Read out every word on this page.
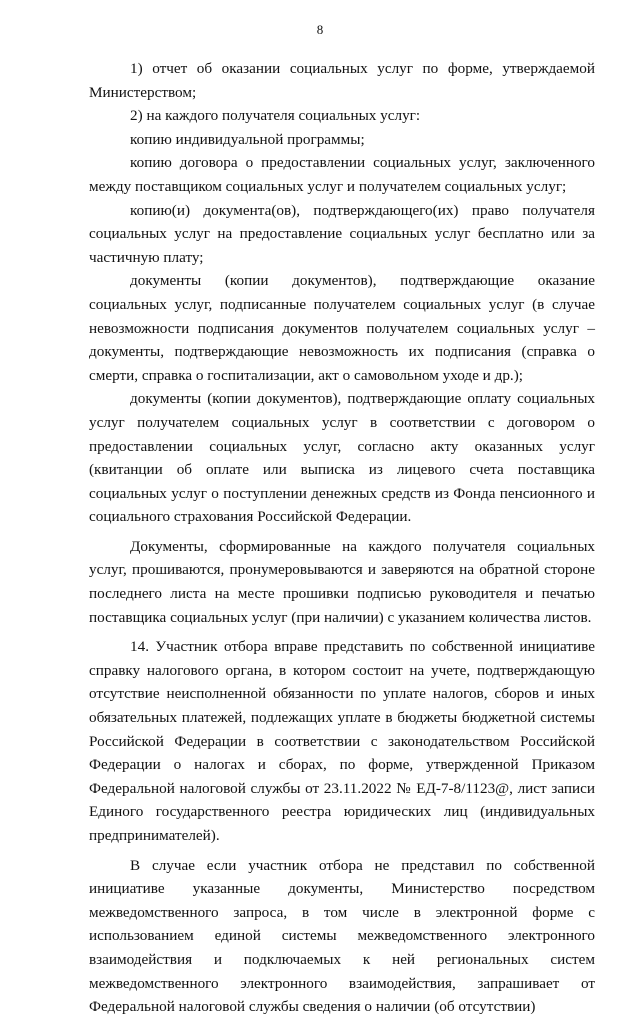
8

1) отчет об оказании социальных услуг по форме, утверждаемой Министерством;

2) на каждого получателя социальных услуг:

копию индивидуальной программы;

копию договора о предоставлении социальных услуг, заключенного между поставщиком социальных услуг и получателем социальных услуг;

копию(и) документа(ов), подтверждающего(их) право получателя социальных услуг на предоставление социальных услуг бесплатно или за частичную плату;

документы (копии документов), подтверждающие оказание социальных услуг, подписанные получателем социальных услуг (в случае невозможности подписания документов получателем социальных услуг – документы, подтверждающие невозможность их подписания (справка о смерти, справка о госпитализации, акт о самовольном уходе и др.);

документы (копии документов), подтверждающие оплату социальных услуг получателем социальных услуг в соответствии с договором о предоставлении социальных услуг, согласно акту оказанных услуг (квитанции об оплате или выписка из лицевого счета поставщика социальных услуг о поступлении денежных средств из Фонда пенсионного и социального страхования Российской Федерации.

Документы, сформированные на каждого получателя социальных услуг, прошиваются, пронумеровываются и заверяются на обратной стороне последнего листа на месте прошивки подписью руководителя и печатью поставщика социальных услуг (при наличии) с указанием количества листов.

14. Участник отбора вправе представить по собственной инициативе справку налогового органа, в котором состоит на учете, подтверждающую отсутствие неисполненной обязанности по уплате налогов, сборов и иных обязательных платежей, подлежащих уплате в бюджеты бюджетной системы Российской Федерации в соответствии с законодательством Российской Федерации о налогах и сборах, по форме, утвержденной Приказом Федеральной налоговой службы от 23.11.2022 № ЕД-7-8/1123@, лист записи Единого государственного реестра юридических лиц (индивидуальных предпринимателей).

В случае если участник отбора не представил по собственной инициативе указанные документы, Министерство посредством межведомственного запроса, в том числе в электронной форме с использованием единой системы межведомственного электронного взаимодействия и подключаемых к ней региональных систем межведомственного электронного взаимодействия, запрашивает от Федеральной налоговой службы сведения о наличии (об отсутствии)
